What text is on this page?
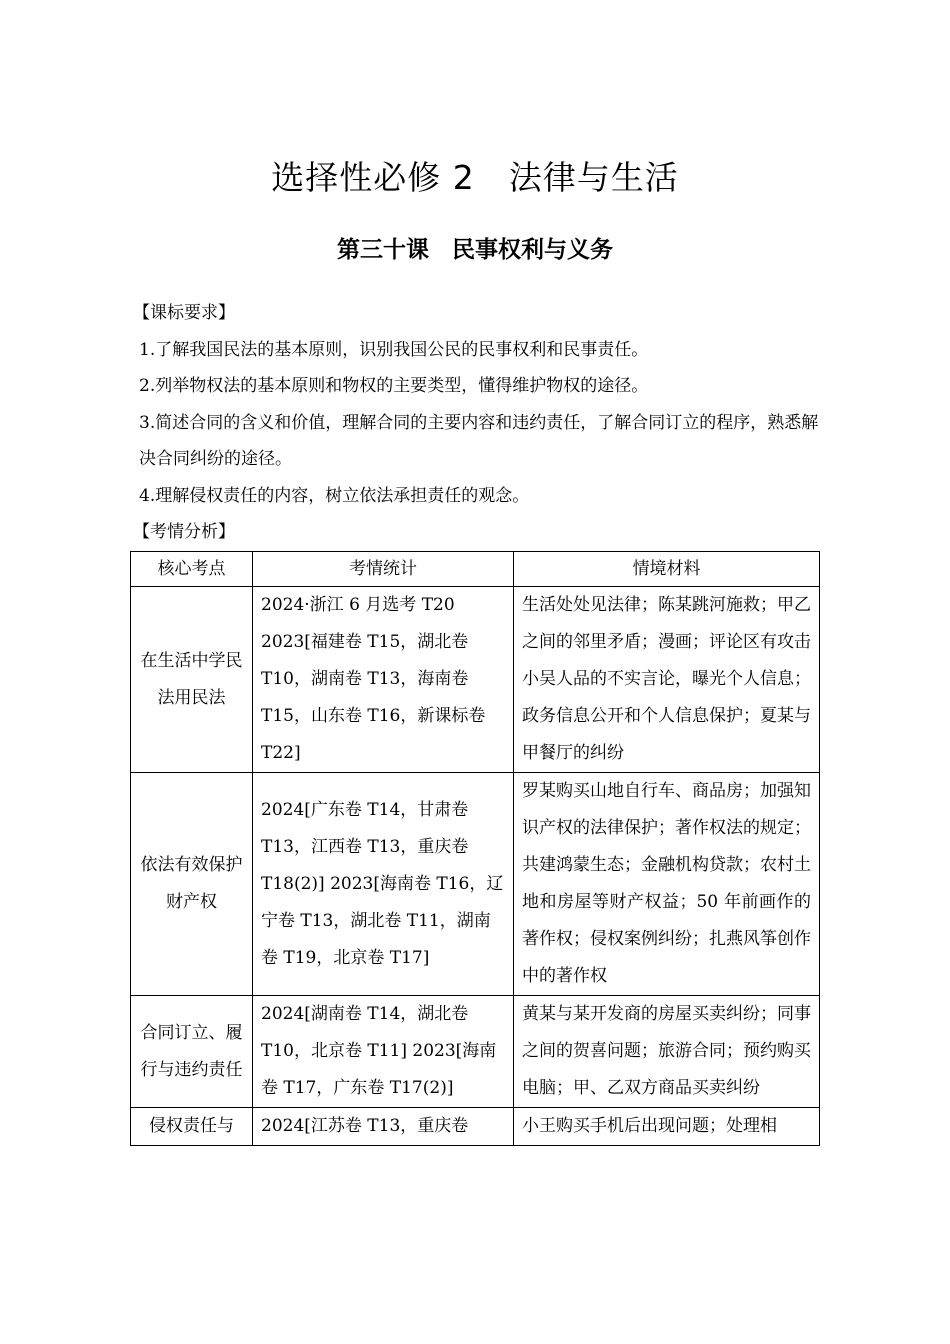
选择性必修 2　法律与生活
第三十课　民事权利与义务

【课标要求】

1.了解我国民法的基本原则，识别我国公民的民事权利和民事责任。

2.列举物权法的基本原则和物权的主要类型，懂得维护物权的途径。

3.简述合同的含义和价值，理解合同的主要内容和违约责任，了解合同订立的程序，熟悉解决合同纠纷的途径。

4.理解侵权责任的内容，树立依法承担责任的观念。

【考情分析】

核心考点	考情统计	情境材料
在生活中学民法用民法	2024·浙江 6 月选考 T20 2023[福建卷 T15，湖北卷 T10，湖南卷 T13，海南卷 T15，山东卷 T16，新课标卷 T22]	生活处处见法律；陈某跳河施救；甲乙之间的邻里矛盾；漫画；评论区有攻击小吴人品的不实言论，曝光个人信息；政务信息公开和个人信息保护；夏某与甲餐厅的纠纷
依法有效保护财产权	2024[广东卷 T14，甘肃卷 T13，江西卷 T13，重庆卷 T18(2)] 2023[海南卷 T16，辽宁卷 T13，湖北卷 T11，湖南卷 T19，北京卷 T17]	罗某购买山地自行车、商品房；加强知识产权的法律保护；著作权法的规定；共建鸿蒙生态；金融机构贷款；农村土地和房屋等财产权益；50 年前画作的著作权；侵权案例纠纷；扎燕风筝创作中的著作权
合同订立、履行与违约责任	2024[湖南卷 T14，湖北卷 T10，北京卷 T11] 2023[海南卷 T17，广东卷 T17(2)]	黄某与某开发商的房屋买卖纠纷；同事之间的贺喜问题；旅游合同；预约购买电脑；甲、乙双方商品买卖纠纷
侵权责任与	2024[江苏卷 T13，重庆卷	小王购买手机后出现问题；处理相
